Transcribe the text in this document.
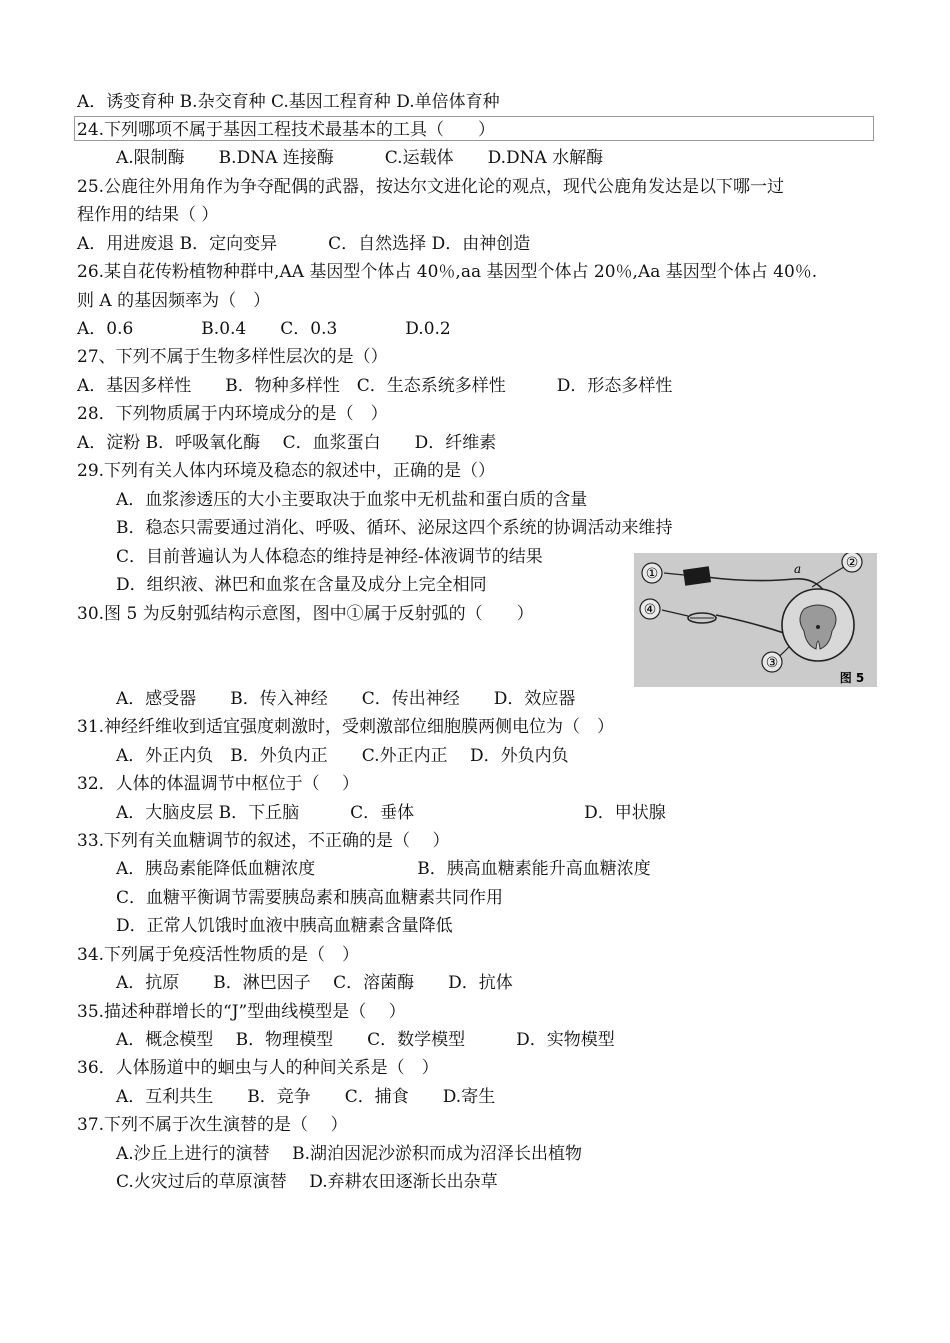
A．诱变育种 B.杂交育种 C.基因工程育种 D.单倍体育种
24.下列哪项不属于基因工程技术最基本的工具（　　）
A.限制酶　　B.DNA 连接酶　　　C.运载体　　D.DNA 水解酶
25.公鹿往外用角作为争夺配偶的武器，按达尔文进化论的观点，现代公鹿角发达是以下哪一过
程作用的结果（ ）
A．用进废退 B．定向变异　　　C．自然选择 D．由神创造
26.某自花传粉植物种群中,AA 基因型个体占 40％,aa 基因型个体占 20％,Aa 基因型个体占 40％.
则 A 的基因频率为（　）
A．0.6　　　　B.0.4　　C．0.3　　　　D.0.2
27、下列不属于生物多样性层次的是（）
A．基因多样性　　B．物种多样性　C．生态系统多样性　　　D．形态多样性
28．下列物质属于内环境成分的是（　）
A．淀粉 B．呼吸氧化酶　 C．血浆蛋白　　D．纤维素
29.下列有关人体内环境及稳态的叙述中，正确的是（）
A．血浆渗透压的大小主要取决于血浆中无机盐和蛋白质的含量
B．稳态只需要通过消化、呼吸、循环、泌尿这四个系统的协调活动来维持
C．目前普遍认为人体稳态的维持是神经-体液调节的结果
D．组织液、淋巴和血浆在含量及成分上完全相同
30.图 5 为反射弧结构示意图，图中①属于反射弧的（　　）
A．感受器　　B．传入神经　　C．传出神经　　D．效应器
31.神经纤维收到适宜强度刺激时，受刺激部位细胞膜两侧电位为（　）
A．外正内负　B．外负内正　　C.外正内正　 D．外负内负
32．人体的体温调节中枢位于（　 ）
A．大脑皮层 B．下丘脑　　　C．垂体　　　　　　　　　　D．甲状腺
33.下列有关血糖调节的叙述，不正确的是（　 ）
A．胰岛素能降低血糖浓度　　　　　　B．胰高血糖素能升高血糖浓度
C．血糖平衡调节需要胰岛素和胰高血糖素共同作用
D．正常人饥饿时血液中胰高血糖素含量降低
34.下列属于免疫活性物质的是（　）
A．抗原　　B．淋巴因子　 C．溶菌酶　　D．抗体
35.描述种群增长的“J”型曲线模型是（　 ）
A．概念模型　 B．物理模型　　C．数学模型　　　D．实物模型
36．人体肠道中的蛔虫与人的种间关系是（　）
A．互利共生　　B．竞争　　C．捕食　　D.寄生
37.下列不属于次生演替的是（　 ）
A.沙丘上进行的演替　 B.湖泊因泥沙淤积而成为沼泽长出植物
C.火灾过后的草原演替　 D.弃耕农田逐渐长出杂草
①
②
③
④
a
图 5
